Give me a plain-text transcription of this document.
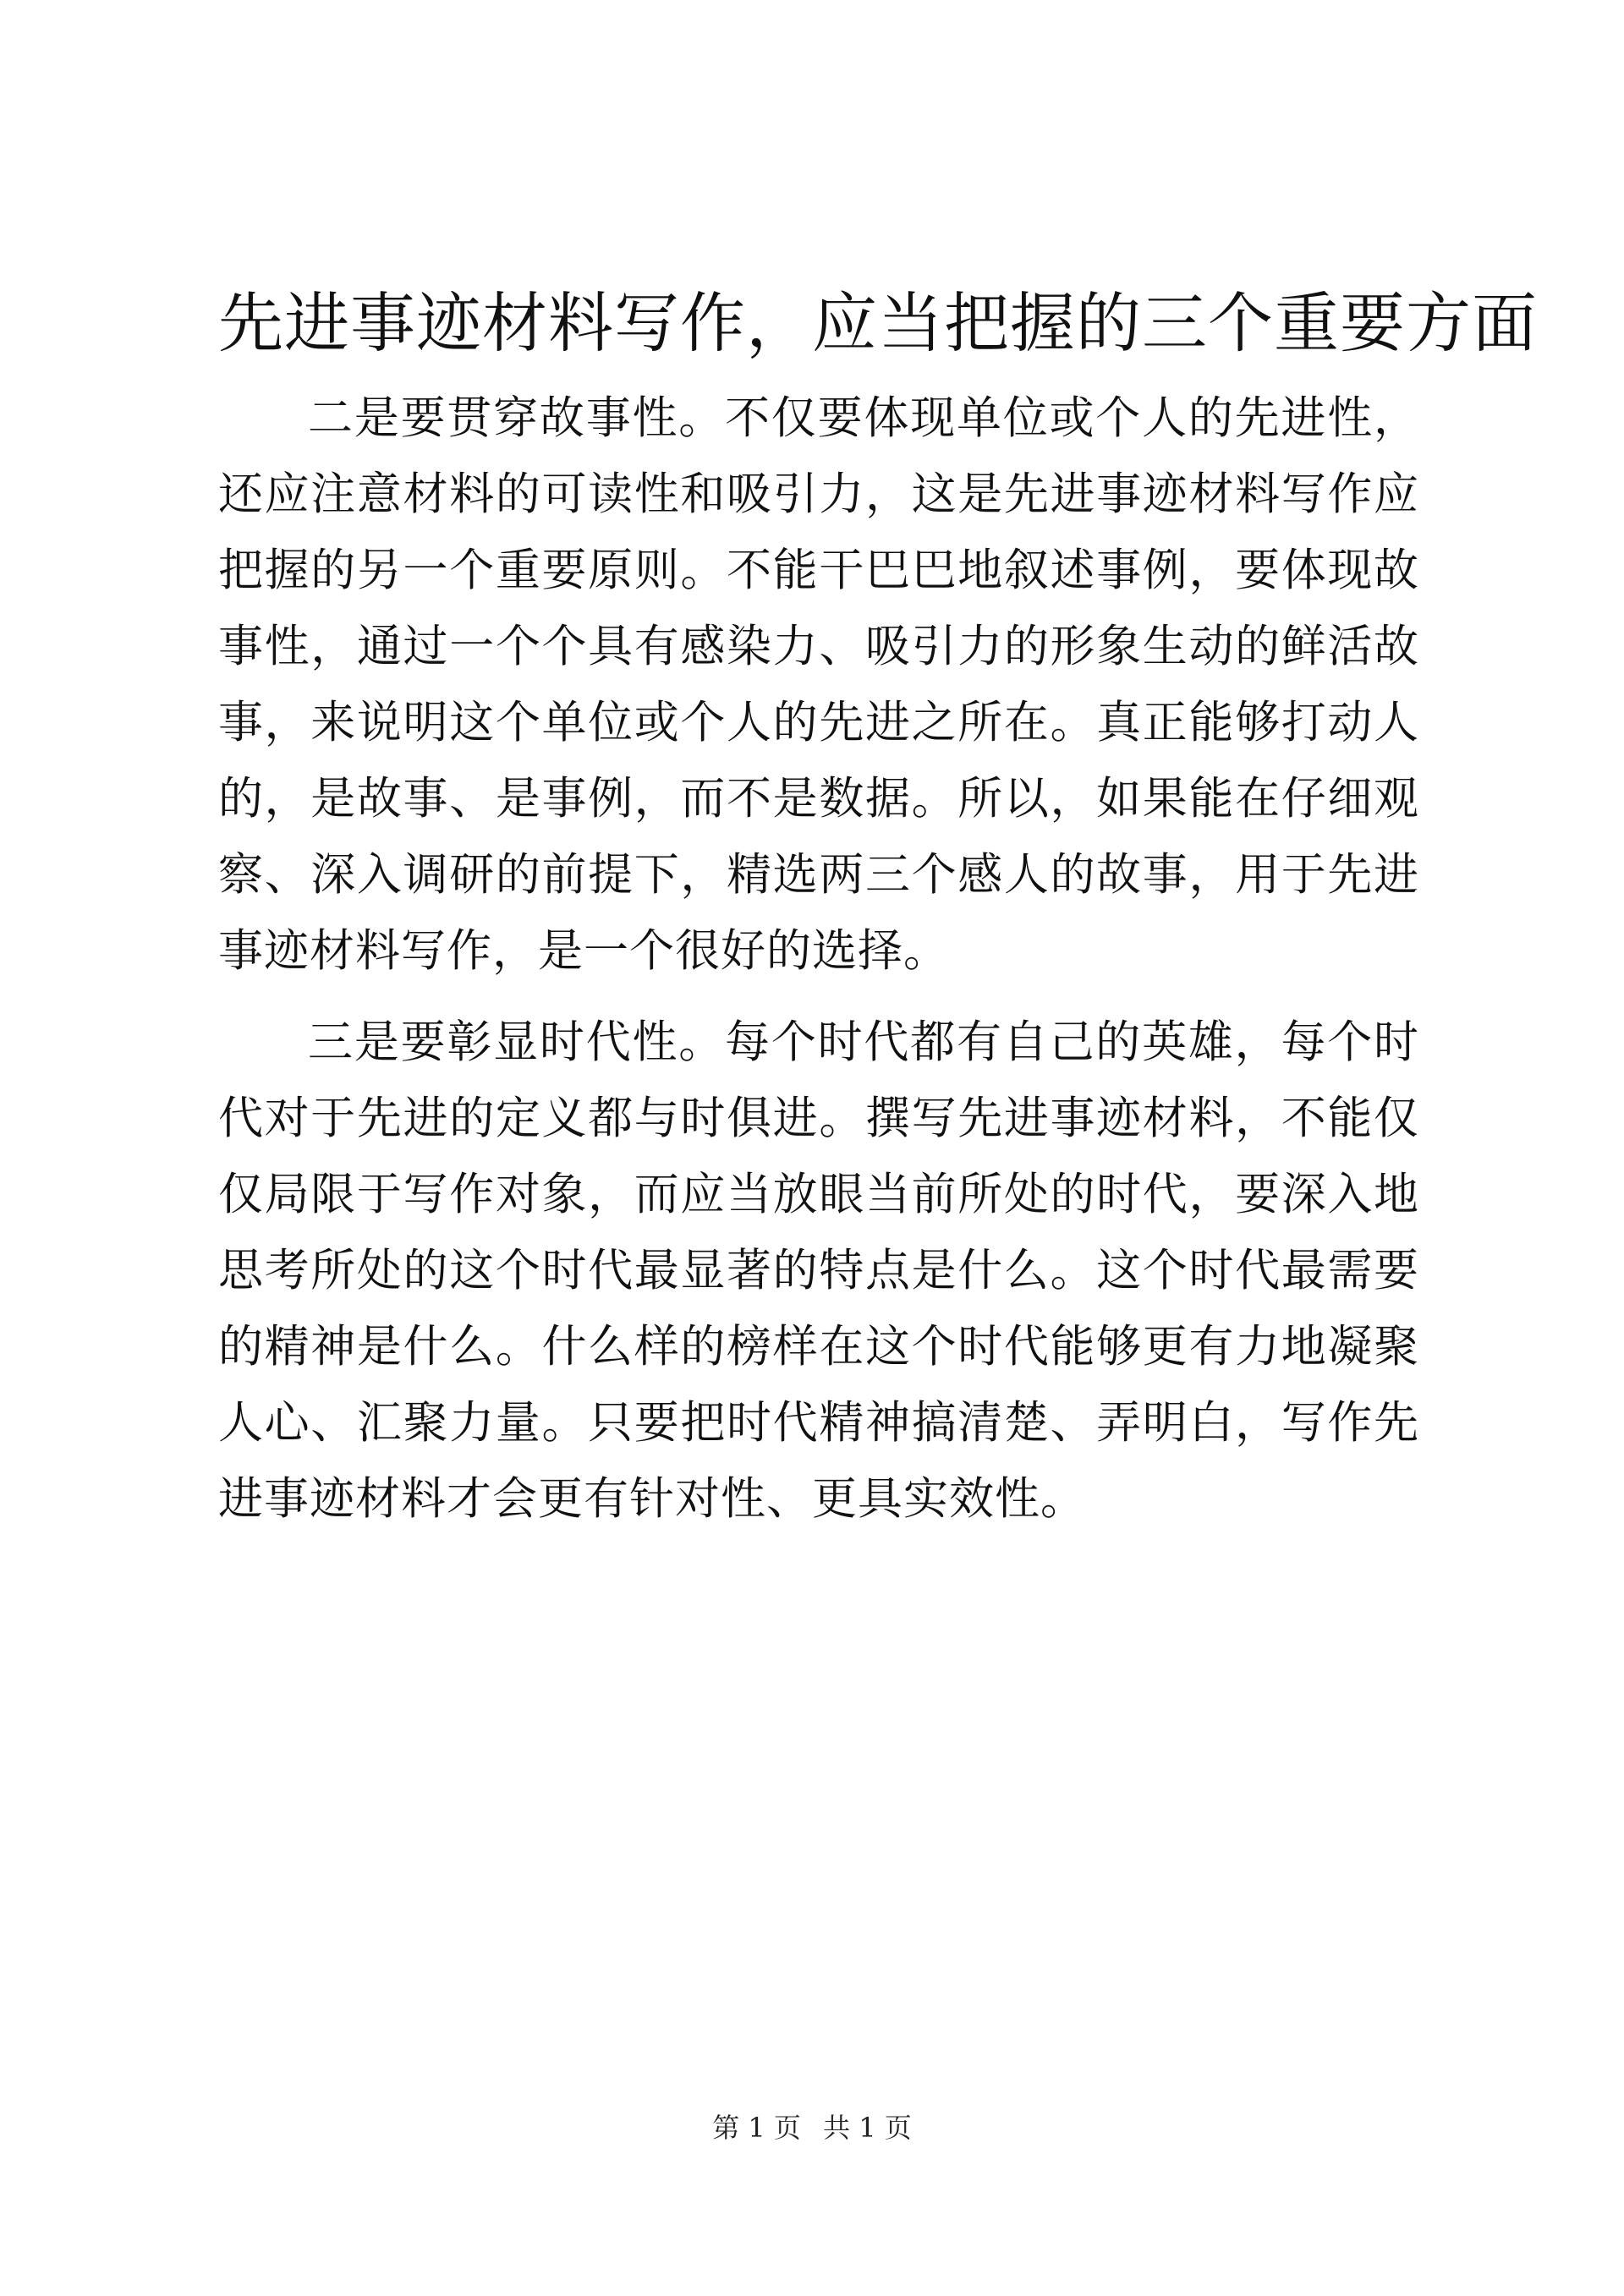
先进事迹材料写作，应当把握的三个重要方面

二是要贯穿故事性。不仅要体现单位或个人的先进性，还应注意材料的可读性和吸引力，这是先进事迹材料写作应把握的另一个重要原则。不能干巴巴地叙述事例，要体现故事性，通过一个个具有感染力、吸引力的形象生动的鲜活故事，来说明这个单位或个人的先进之所在。真正能够打动人的，是故事、是事例，而不是数据。所以，如果能在仔细观察、深入调研的前提下，精选两三个感人的故事，用于先进事迹材料写作，是一个很好的选择。

三是要彰显时代性。每个时代都有自己的英雄，每个时代对于先进的定义都与时俱进。撰写先进事迹材料，不能仅仅局限于写作对象，而应当放眼当前所处的时代，要深入地思考所处的这个时代最显著的特点是什么。这个时代最需要的精神是什么。什么样的榜样在这个时代能够更有力地凝聚人心、汇聚力量。只要把时代精神搞清楚、弄明白，写作先进事迹材料才会更有针对性、更具实效性。

第 1 页 共 1 页
